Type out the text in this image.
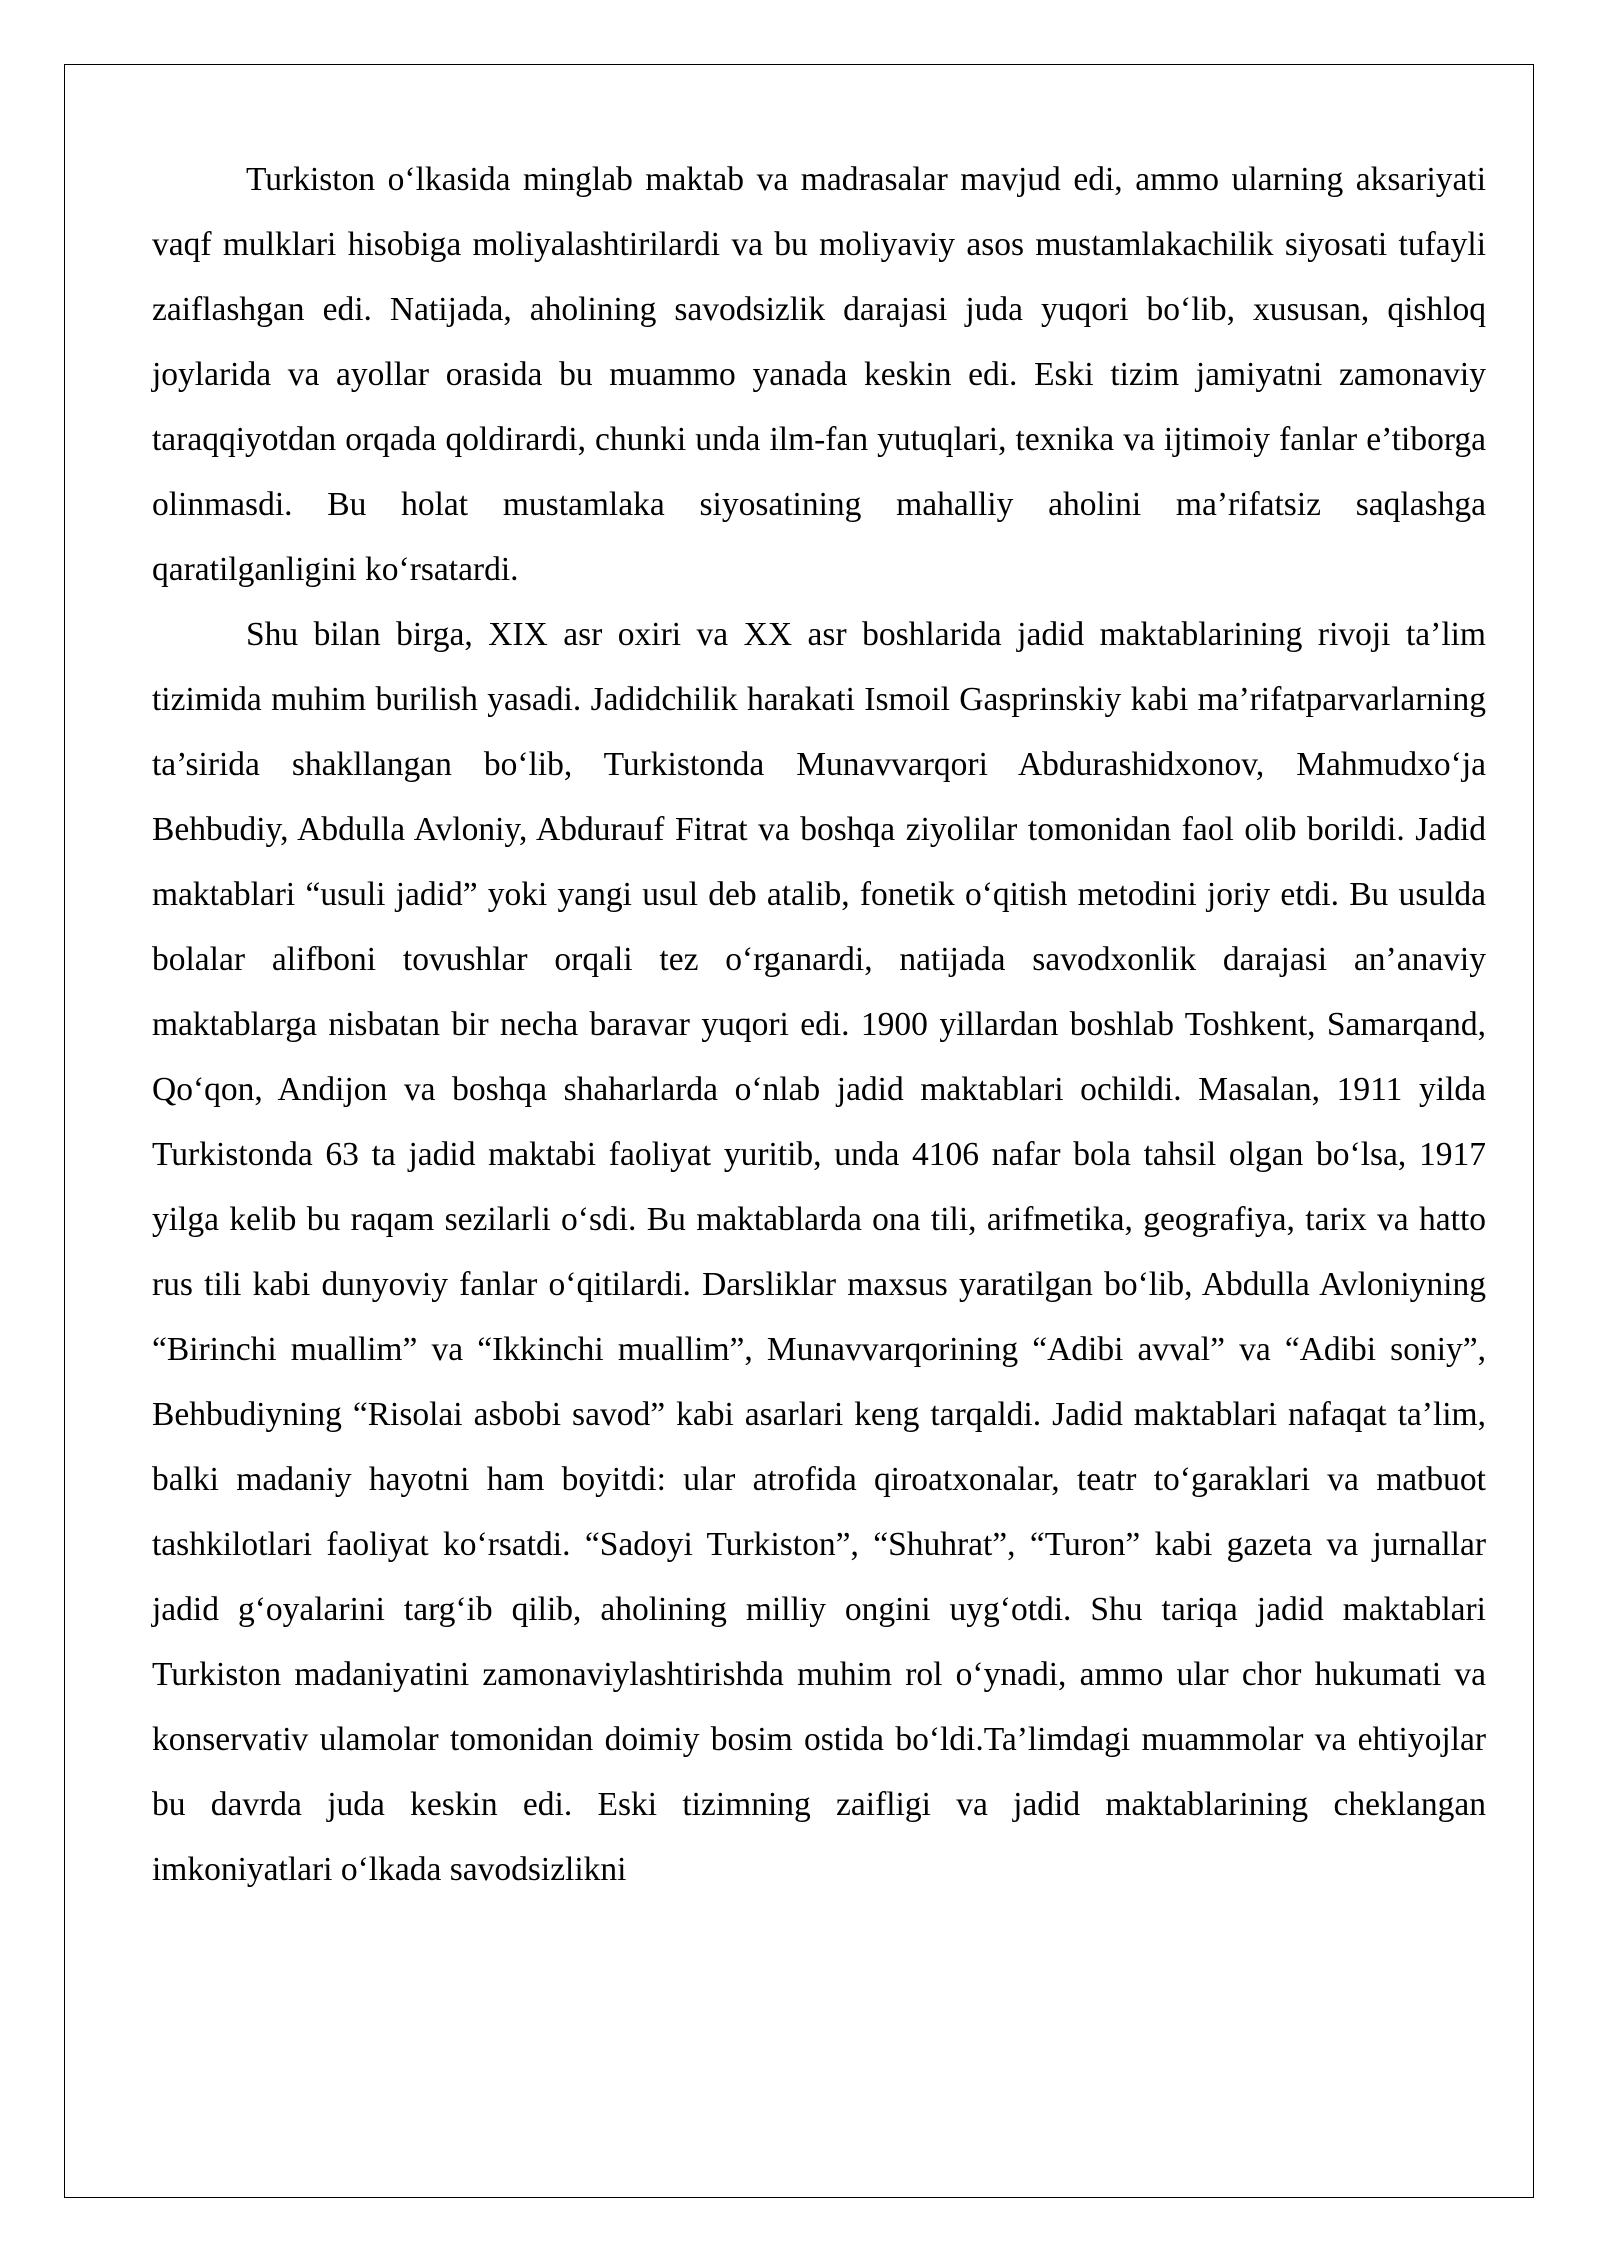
Turkiston o‘lkasida minglab maktab va madrasalar mavjud edi, ammo ularning aksariyati vaqf mulklari hisobiga moliyalashtirilardi va bu moliyaviy asos mustamlakachilik siyosati tufayli zaiflashgan edi. Natijada, aholining savodsizlik darajasi juda yuqori bo‘lib, xususan, qishloq joylarida va ayollar orasida bu muammo yanada keskin edi. Eski tizim jamiyatni zamonaviy taraqqiyotdan orqada qoldirardi, chunki unda ilm-fan yutuqlari, texnika va ijtimoiy fanlar e’tiborga olinmasdi. Bu holat mustamlaka siyosatining mahalliy aholini ma’rifatsiz saqlashga qaratilganligini ko‘rsatardi.

Shu bilan birga, XIX asr oxiri va XX asr boshlarida jadid maktablarining rivoji ta’lim tizimida muhim burilish yasadi. Jadidchilik harakati Ismoil Gasprinskiy kabi ma’rifatparvarlarning ta’sirida shakllangan bo‘lib, Turkistonda Munavvarqori Abdurashidxonov, Mahmudxo‘ja Behbudiy, Abdulla Avloniy, Abdurauf Fitrat va boshqa ziyolilar tomonidan faol olib borildi. Jadid maktablari “usuli jadid” yoki yangi usul deb atalib, fonetik o‘qitish metodini joriy etdi. Bu usulda bolalar alifboni tovushlar orqali tez o‘rganardi, natijada savodxonlik darajasi an’anaviy maktablarga nisbatan bir necha baravar yuqori edi. 1900 yillardan boshlab Toshkent, Samarqand, Qo‘qon, Andijon va boshqa shaharlarda o‘nlab jadid maktablari ochildi. Masalan, 1911 yilda Turkistonda 63 ta jadid maktabi faoliyat yuritib, unda 4106 nafar bola tahsil olgan bo‘lsa, 1917 yilga kelib bu raqam sezilarli o‘sdi. Bu maktablarda ona tili, arifmetika, geografiya, tarix va hatto rus tili kabi dunyoviy fanlar o‘qitilardi. Darsliklar maxsus yaratilgan bo‘lib, Abdulla Avloniyning “Birinchi muallim” va “Ikkinchi muallim”, Munavvarqorining “Adibi avval” va “Adibi soniy”, Behbudiyning “Risolai asbobi savod” kabi asarlari keng tarqaldi. Jadid maktablari nafaqat ta’lim, balki madaniy hayotni ham boyitdi: ular atrofida qiroatxonalar, teatr to‘garaklari va matbuot tashkilotlari faoliyat ko‘rsatdi. “Sadoyi Turkiston”, “Shuhrat”, “Turon” kabi gazeta va jurnallar jadid g‘oyalarini targ‘ib qilib, aholining milliy ongini uyg‘otdi. Shu tariqa jadid maktablari Turkiston madaniyatini zamonaviylashtirishda muhim rol o‘ynadi, ammo ular chor hukumati va konservativ ulamolar tomonidan doimiy bosim ostida bo‘ldi.Ta’limdagi muammolar va ehtiyojlar bu davrda juda keskin edi. Eski tizimning zaifligi va jadid maktablarining cheklangan imkoniyatlari o‘lkada savodsizlikni
